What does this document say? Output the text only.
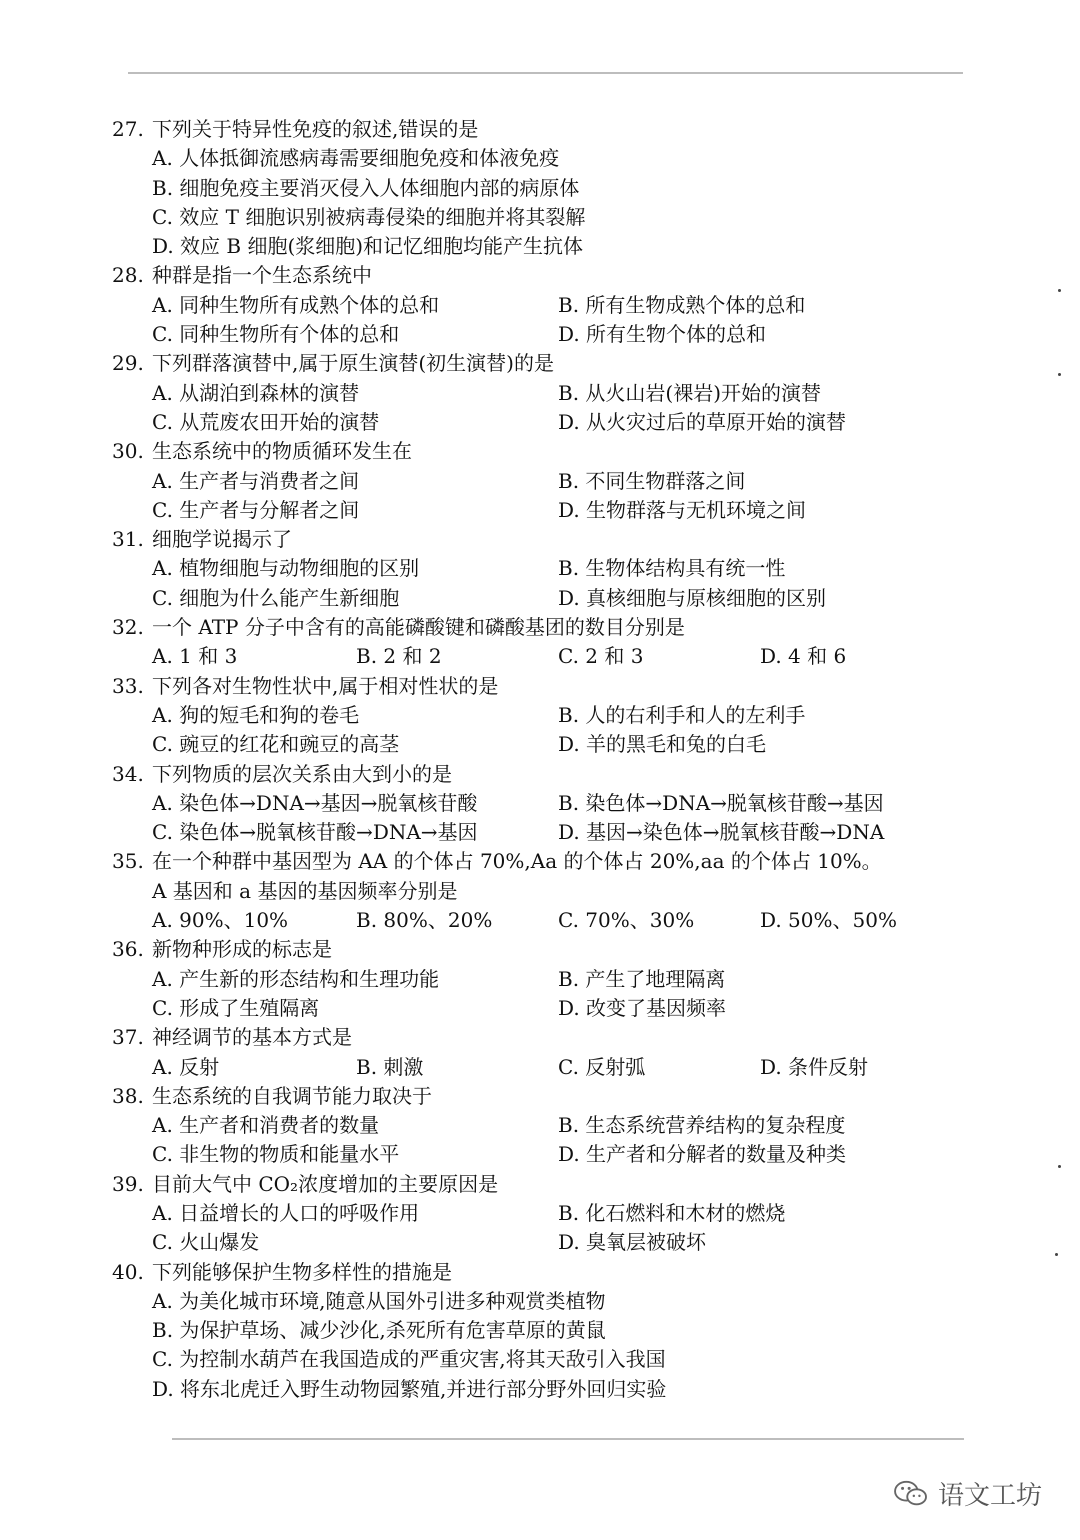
27. 下列关于特异性免疫的叙述,错误的是
A. 人体抵御流感病毒需要细胞免疫和体液免疫
B. 细胞免疫主要消灭侵入人体细胞内部的病原体
C. 效应 T 细胞识别被病毒侵染的细胞并将其裂解
D. 效应 B 细胞(浆细胞)和记忆细胞均能产生抗体
28. 种群是指一个生态系统中
A. 同种生物所有成熟个体的总和	B. 所有生物成熟个体的总和
C. 同种生物所有个体的总和	D. 所有生物个体的总和
29. 下列群落演替中,属于原生演替(初生演替)的是
A. 从湖泊到森林的演替	B. 从火山岩(裸岩)开始的演替
C. 从荒废农田开始的演替	D. 从火灾过后的草原开始的演替
30. 生态系统中的物质循环发生在
A. 生产者与消费者之间	B. 不同生物群落之间
C. 生产者与分解者之间	D. 生物群落与无机环境之间
31. 细胞学说揭示了
A. 植物细胞与动物细胞的区别	B. 生物体结构具有统一性
C. 细胞为什么能产生新细胞	D. 真核细胞与原核细胞的区别
32. 一个 ATP 分子中含有的高能磷酸键和磷酸基团的数目分别是
A. 1 和 3	B. 2 和 2	C. 2 和 3	D. 4 和 6
33. 下列各对生物性状中,属于相对性状的是
A. 狗的短毛和狗的卷毛	B. 人的右利手和人的左利手
C. 豌豆的红花和豌豆的高茎	D. 羊的黑毛和兔的白毛
34. 下列物质的层次关系由大到小的是
A. 染色体→DNA→基因→脱氧核苷酸	B. 染色体→DNA→脱氧核苷酸→基因
C. 染色体→脱氧核苷酸→DNA→基因	D. 基因→染色体→脱氧核苷酸→DNA
35. 在一个种群中基因型为 AA 的个体占 70%,Aa 的个体占 20%,aa 的个体占 10%。
A 基因和 a 基因的基因频率分别是
A. 90%、10%	B. 80%、20%	C. 70%、30%	D. 50%、50%
36. 新物种形成的标志是
A. 产生新的形态结构和生理功能	B. 产生了地理隔离
C. 形成了生殖隔离	D. 改变了基因频率
37. 神经调节的基本方式是
A. 反射	B. 刺激	C. 反射弧	D. 条件反射
38. 生态系统的自我调节能力取决于
A. 生产者和消费者的数量	B. 生态系统营养结构的复杂程度
C. 非生物的物质和能量水平	D. 生产者和分解者的数量及种类
39. 目前大气中 CO₂浓度增加的主要原因是
A. 日益增长的人口的呼吸作用	B. 化石燃料和木材的燃烧
C. 火山爆发	D. 臭氧层被破坏
40. 下列能够保护生物多样性的措施是
A. 为美化城市环境,随意从国外引进多种观赏类植物
B. 为保护草场、减少沙化,杀死所有危害草原的黄鼠
C. 为控制水葫芦在我国造成的严重灾害,将其天敌引入我国
D. 将东北虎迁入野生动物园繁殖,并进行部分野外回归实验
语文工坊
